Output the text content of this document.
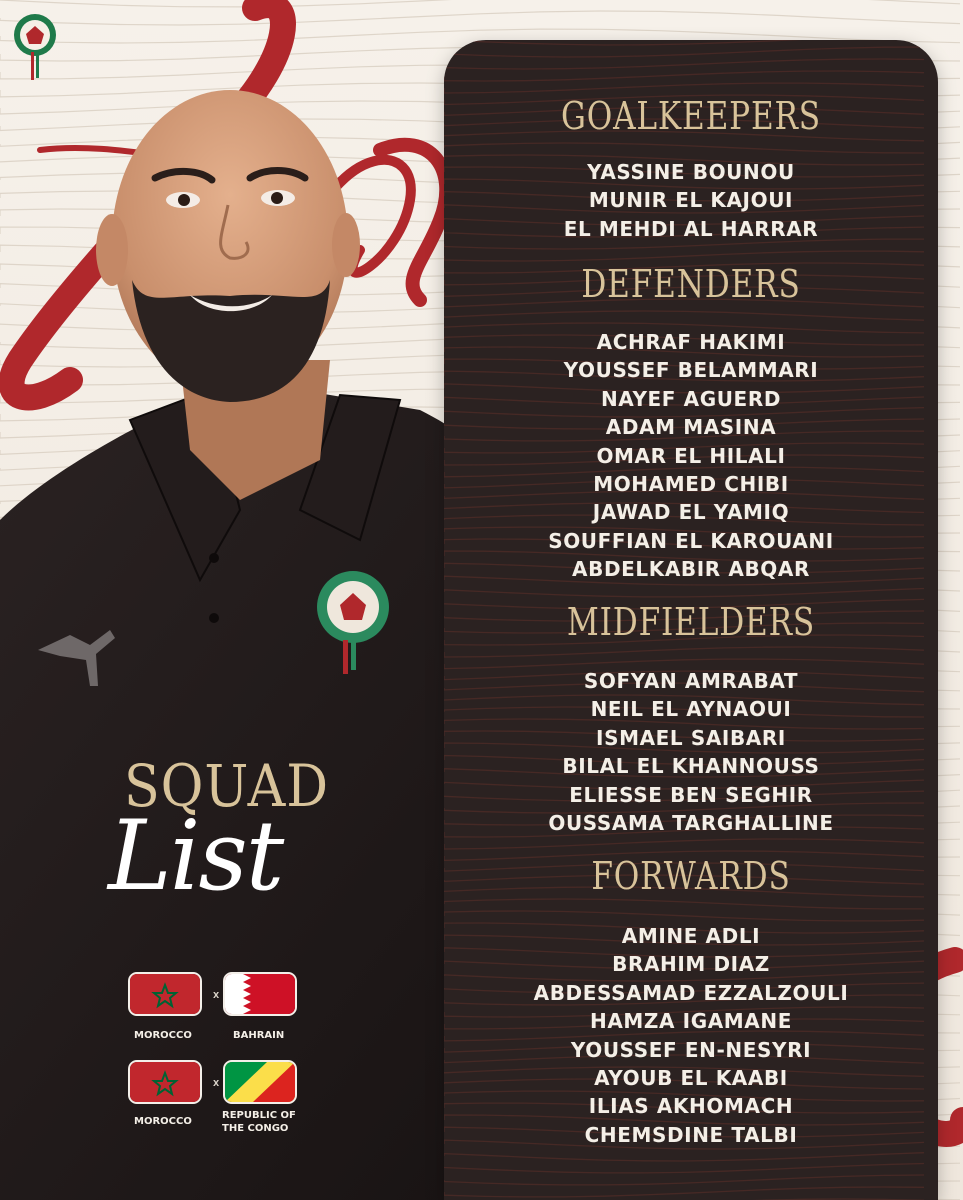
GOALKEEPERS
YASSINE BOUNOU
MUNIR EL KAJOUI
EL MEHDI AL HARRAR
DEFENDERS
ACHRAF HAKIMI
YOUSSEF BELAMMARI
NAYEF AGUERD
ADAM MASINA
OMAR EL HILALI
MOHAMED CHIBI
JAWAD EL YAMIQ
SOUFFIAN EL KAROUANI
ABDELKABIR ABQAR
MIDFIELDERS
SOFYAN AMRABAT
NEIL EL AYNAOUI
ISMAEL SAIBARI
BILAL EL KHANNOUSS
ELIESSE BEN SEGHIR
OUSSAMA TARGHALLINE
FORWARDS
AMINE ADLI
BRAHIM DIAZ
ABDESSAMAD EZZALZOULI
HAMZA IGAMANE
YOUSSEF EN-NESYRI
AYOUB EL KAABI
ILIAS AKHOMACH
CHEMSDINE TALBI
SQUAD
List
X
MOROCCO	BAHRAIN
X
MOROCCO
REPUBLIC OF
THE CONGO
